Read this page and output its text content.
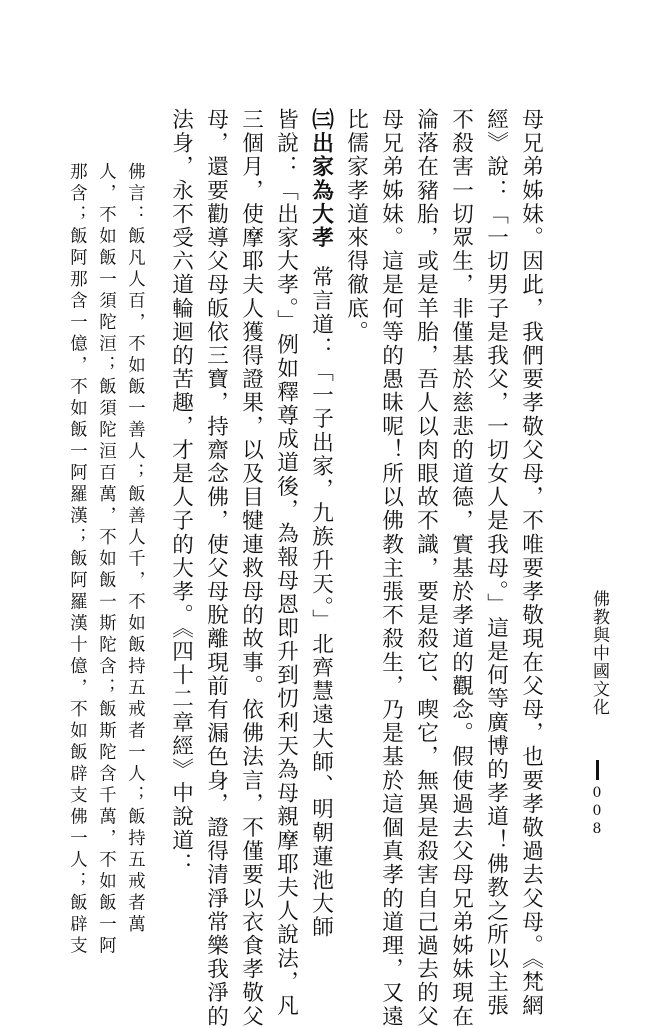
母兄弟姊妹。因此，我們要孝敬父母，不唯要孝敬現在父母，也要孝敬過去父母。《梵網
經》說：「一切男子是我父，一切女人是我母。」這是何等廣博的孝道！佛教之所以主張
不殺害一切眾生，非僅基於慈悲的道德，實基於孝道的觀念。假使過去父母兄弟姊妹現在
淪落在豬胎，或是羊胎，吾人以肉眼故不識，要是殺它、喫它，無異是殺害自己過去的父
母兄弟姊妹。這是何等的愚昧呢！所以佛教主張不殺生，乃是基於這個真孝的道理，又遠
比儒家孝道來得徹底。
㈢出家為大孝常言道：「一子出家，九族升天。」北齊慧遠大師、明朝蓮池大師
皆說：「出家大孝。」例如釋尊成道後，為報母恩即升到忉利天為母親摩耶夫人說法，凡
三個月，使摩耶夫人獲得證果，以及目犍連救母的故事。依佛法言，不僅要以衣食孝敬父
母，還要勸導父母皈依三寶，持齋念佛，使父母脫離現前有漏色身，證得清淨常樂我淨的
法身，永不受六道輪迴的苦趣，才是人子的大孝。《四十二章經》中說道：
佛言：飯凡人百，不如飯一善人；飯善人千，不如飯持五戒者一人；飯持五戒者萬
人，不如飯一須陀洹；飯須陀洹百萬，不如飯一斯陀含；飯斯陀含千萬，不如飯一阿
那含；飯阿那含一億，不如飯一阿羅漢；飯阿羅漢十億，不如飯辟支佛一人；飯辟支	佛教與中國文化
008
